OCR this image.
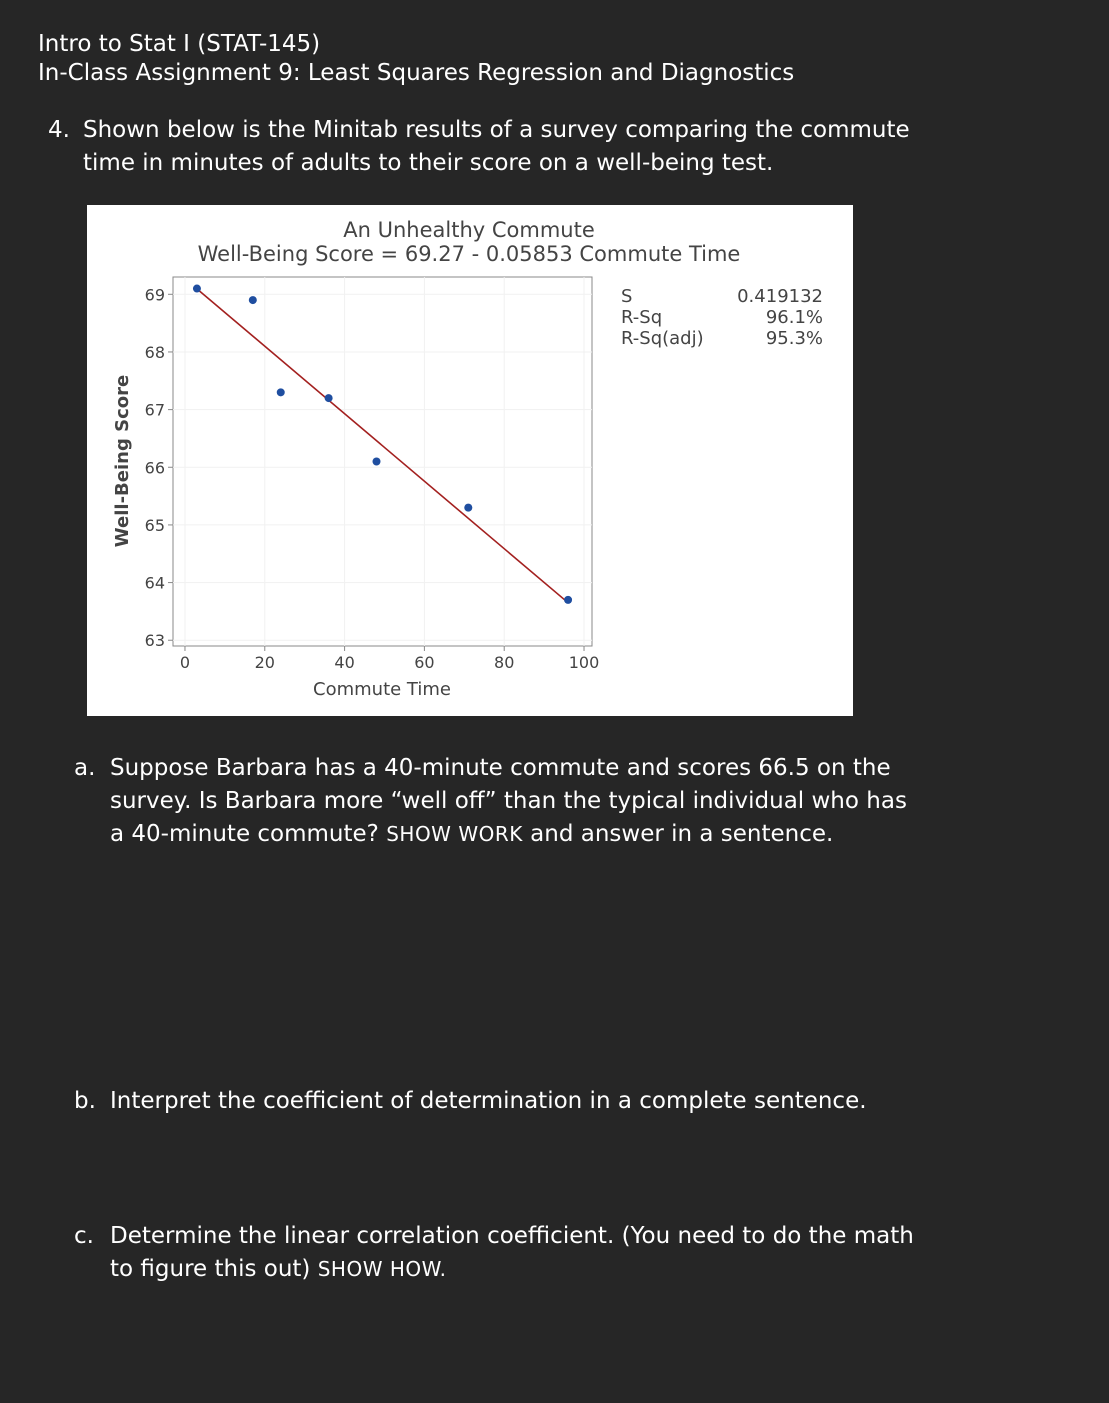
Intro to Stat I (STAT-145)
In-Class Assignment 9: Least Squares Regression and Diagnostics
4. Shown below is the Minitab results of a survey comparing the commute
time in minutes of adults to their score on a well-being test.
An Unhealthy Commute
Well-Being Score = 69.27 - 0.05853 Commute Time
63
64
65
66
67
68
69
0	20	40	60	80	100
Commute Time
Well-Being Score
S	0.419132
R-Sq	96.1%
R-Sq(adj)	95.3%
a. Suppose Barbara has a 40-minute commute and scores 66.5 on the
survey. Is Barbara more “well off” than the typical individual who has
a 40-minute commute? SHOW WORK and answer in a sentence.
b. Interpret the coefficient of determination in a complete sentence.
c. Determine the linear correlation coefficient. (You need to do the math
to figure this out) SHOW HOW.
